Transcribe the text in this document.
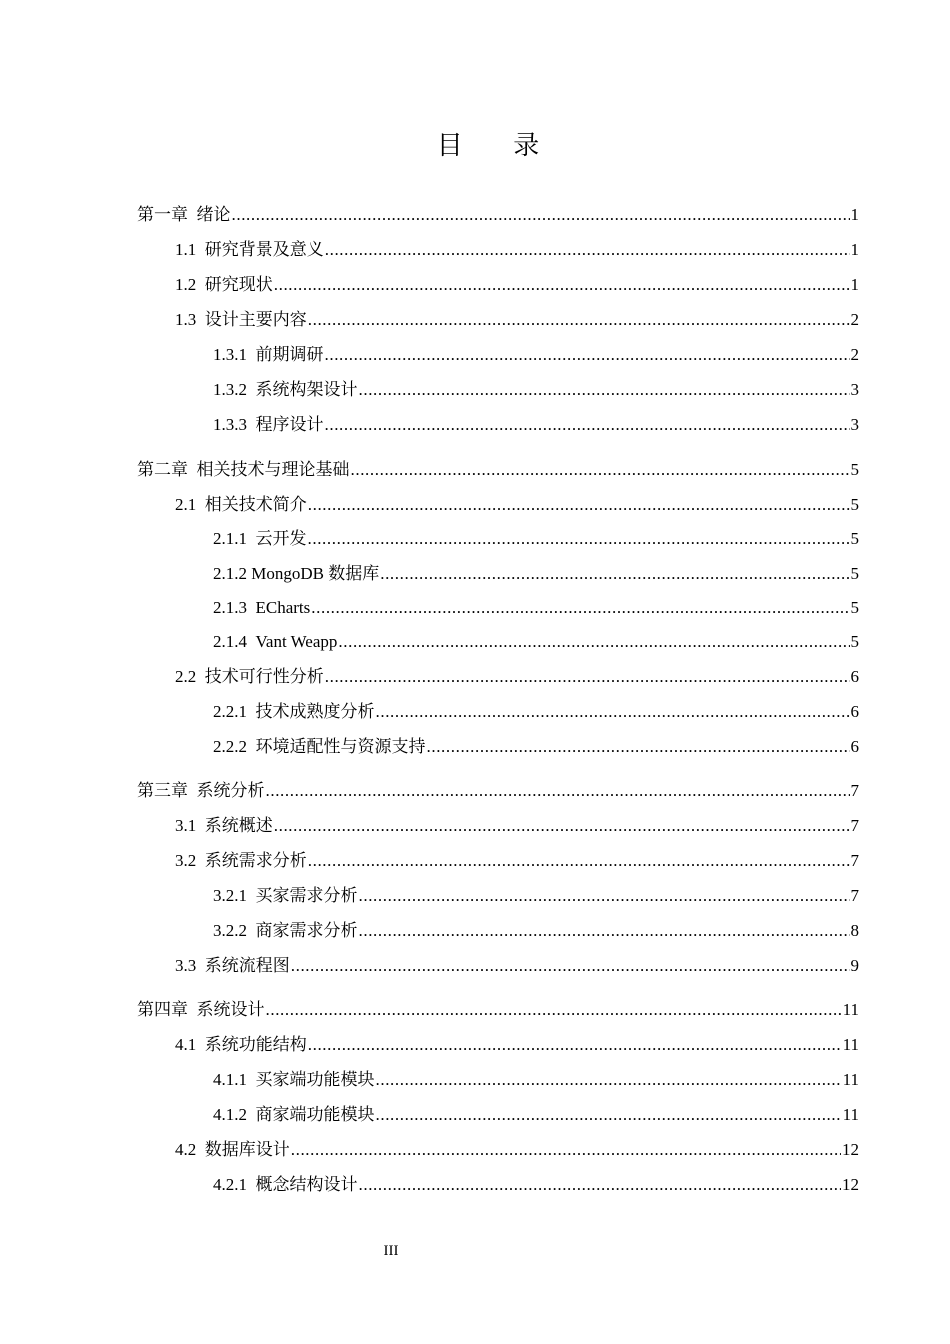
目 录
第一章 绪论 .....	1
1.1 研究背景及意义 .....	1
1.2 研究现状 .....	1
1.3 设计主要内容 .....	2
1.3.1 前期调研 .....	2
1.3.2 系统构架设计 .....	3
1.3.3 程序设计 .....	3
第二章 相关技术与理论基础 .....	5
2.1 相关技术简介 .....	5
2.1.1 云开发 .....	5
2.1.2 MongoDB 数据库 .....	5
2.1.3 ECharts .....	5
2.1.4 Vant Weapp .....	5
2.2 技术可行性分析 .....	6
2.2.1 技术成熟度分析 .....	6
2.2.2 环境适配性与资源支持 .....	6
第三章 系统分析 .....	7
3.1 系统概述 .....	7
3.2 系统需求分析 .....	7
3.2.1 买家需求分析 .....	7
3.2.2 商家需求分析 .....	8
3.3 系统流程图 .....	9
第四章 系统设计 .....	11
4.1 系统功能结构 .....	11
4.1.1 买家端功能模块 .....	11
4.1.2 商家端功能模块 .....	11
4.2 数据库设计 .....	12
4.2.1 概念结构设计 .....	12
III
